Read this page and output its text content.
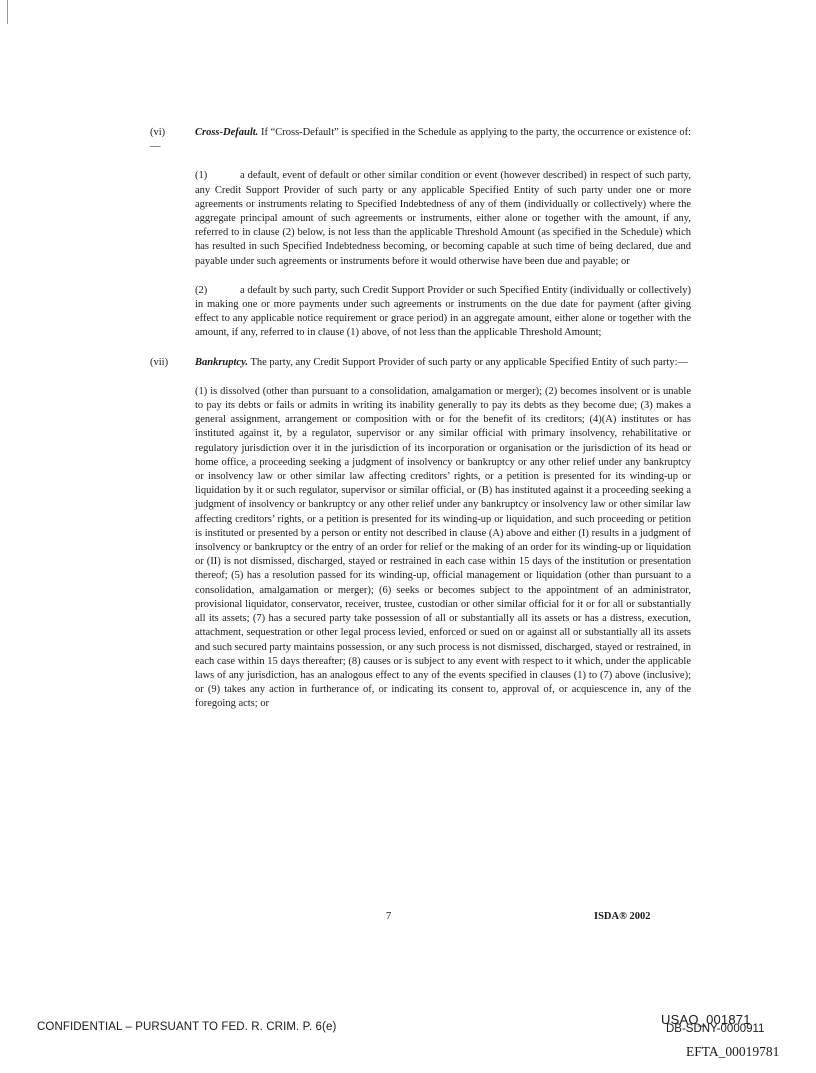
(vi)	Cross-Default. If “Cross-Default” is specified in the Schedule as applying to the party, the occurrence or existence of:—

(1)	a default, event of default or other similar condition or event (however described) in respect of such party, any Credit Support Provider of such party or any applicable Specified Entity of such party under one or more agreements or instruments relating to Specified Indebtedness of any of them (individually or collectively) where the aggregate principal amount of such agreements or instruments, either alone or together with the amount, if any, referred to in clause (2) below, is not less than the applicable Threshold Amount (as specified in the Schedule) which has resulted in such Specified Indebtedness becoming, or becoming capable at such time of being declared, due and payable under such agreements or instruments before it would otherwise have been due and payable; or

(2)	a default by such party, such Credit Support Provider or such Specified Entity (individually or collectively) in making one or more payments under such agreements or instruments on the due date for payment (after giving effect to any applicable notice requirement or grace period) in an aggregate amount, either alone or together with the amount, if any, referred to in clause (1) above, of not less than the applicable Threshold Amount;

(vii)	Bankruptcy. The party, any Credit Support Provider of such party or any applicable Specified Entity of such party:—

(1) is dissolved (other than pursuant to a consolidation, amalgamation or merger); (2) becomes insolvent or is unable to pay its debts or fails or admits in writing its inability generally to pay its debts as they become due; (3) makes a general assignment, arrangement or composition with or for the benefit of its creditors; (4)(A) institutes or has instituted against it, by a regulator, supervisor or any similar official with primary insolvency, rehabilitative or regulatory jurisdiction over it in the jurisdiction of its incorporation or organisation or the jurisdiction of its head or home office, a proceeding seeking a judgment of insolvency or bankruptcy or any other relief under any bankruptcy or insolvency law or other similar law affecting creditors’ rights, or a petition is presented for its winding-up or liquidation by it or such regulator, supervisor or similar official, or (B) has instituted against it a proceeding seeking a judgment of insolvency or bankruptcy or any other relief under any bankruptcy or insolvency law or other similar law affecting creditors’ rights, or a petition is presented for its winding-up or liquidation, and such proceeding or petition is instituted or presented by a person or entity not described in clause (A) above and either (I) results in a judgment of insolvency or bankruptcy or the entry of an order for relief or the making of an order for its winding-up or liquidation or (II) is not dismissed, discharged, stayed or restrained in each case within 15 days of the institution or presentation thereof; (5) has a resolution passed for its winding-up, official management or liquidation (other than pursuant to a consolidation, amalgamation or merger); (6) seeks or becomes subject to the appointment of an administrator, provisional liquidator, conservator, receiver, trustee, custodian or other similar official for it or for all or substantially all its assets; (7) has a secured party take possession of all or substantially all its assets or has a distress, execution, attachment, sequestration or other legal process levied, enforced or sued on or against all or substantially all its assets and such secured party maintains possession, or any such process is not dismissed, discharged, stayed or restrained, in each case within 15 days thereafter; (8) causes or is subject to any event with respect to it which, under the applicable laws of any jurisdiction, has an analogous effect to any of the events specified in clauses (1) to (7) above (inclusive); or (9) takes any action in furtherance of, or indicating its consent to, approval of, or acquiescence in, any of the foregoing acts; or

7	ISDA® 2002
CONFIDENTIAL – PURSUANT TO FED. R. CRIM. P. 6(e)	USAO_001871
DB-SDNY-0000911
EFTA_00019781
